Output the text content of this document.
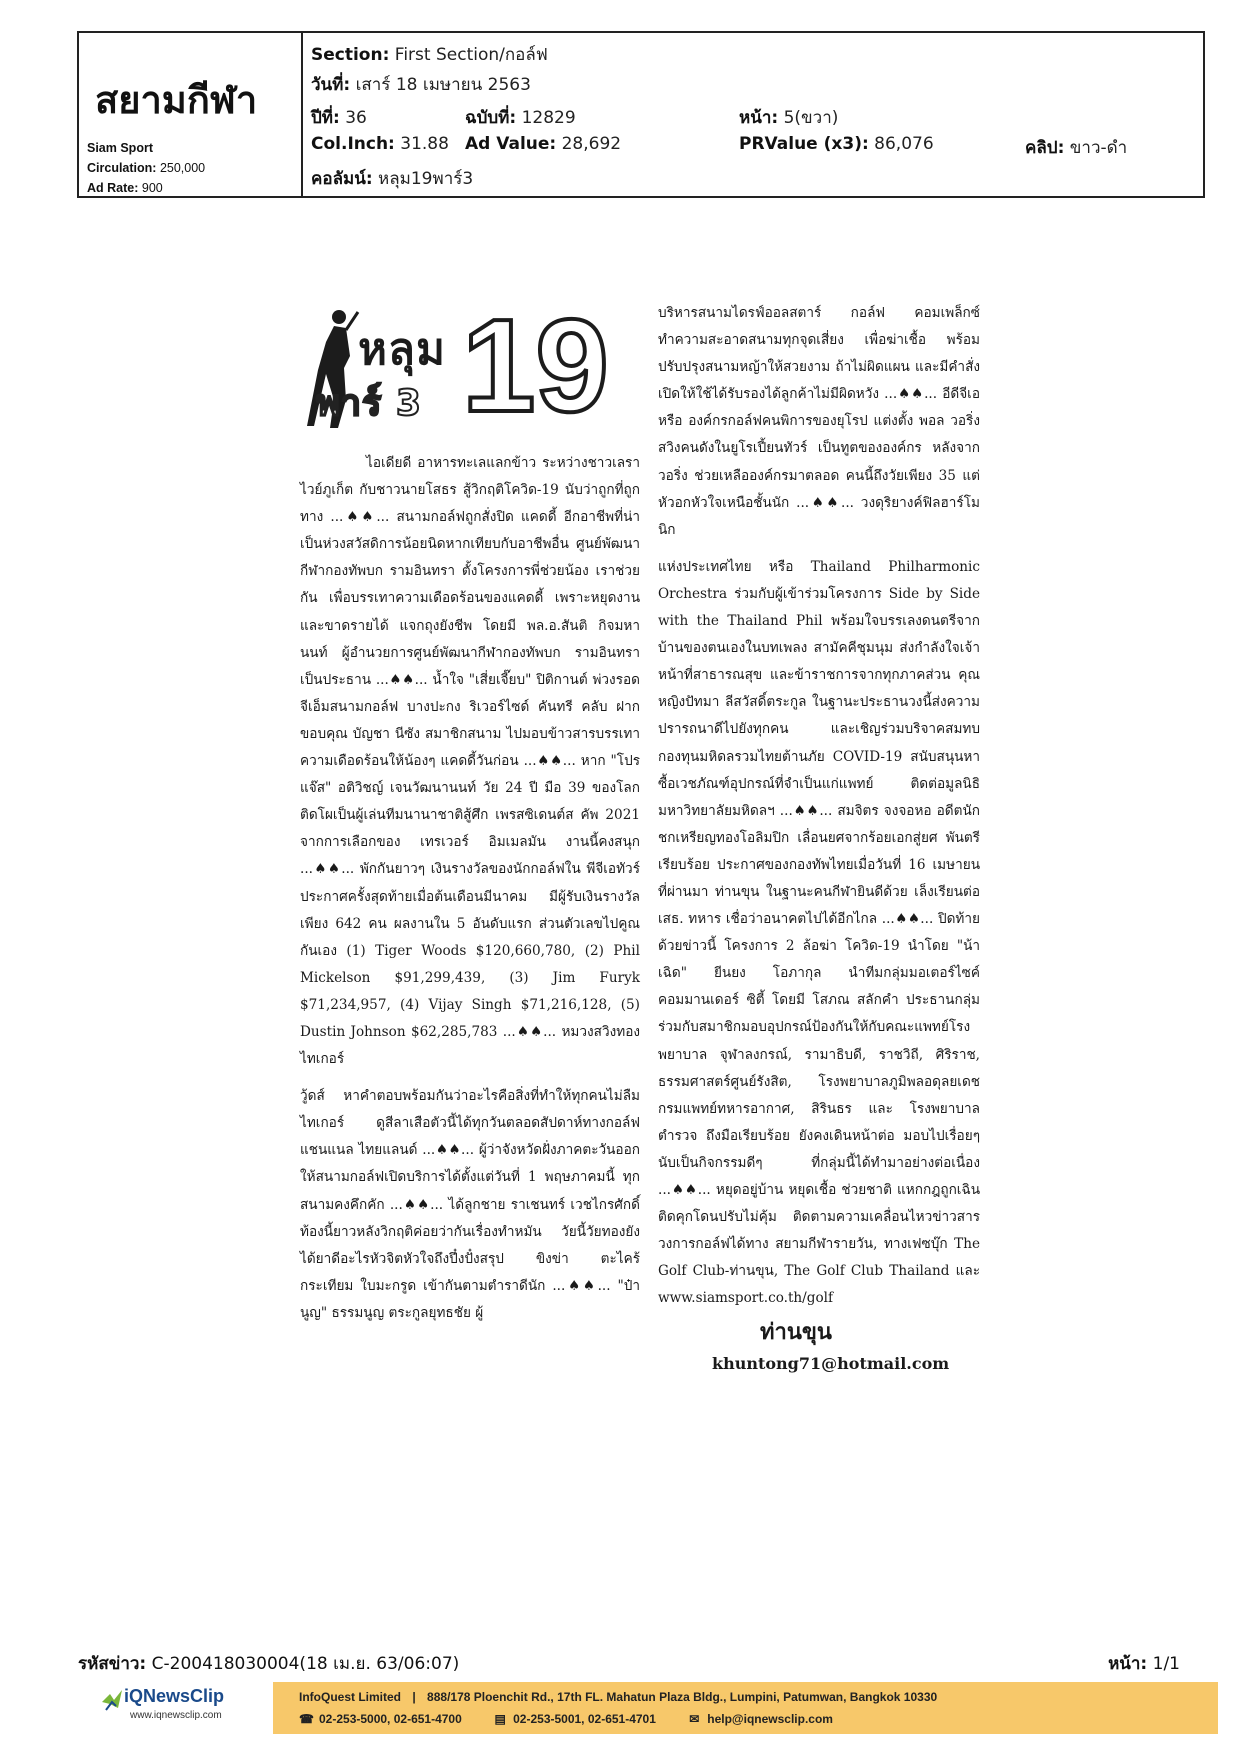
สยามกีฬา
Siam Sport
Circulation: 250,000
Ad Rate: 900
Section: First Section/กอล์ฟ
วันที่: เสาร์ 18 เมษายน 2563
ปีที่: 36	ฉบับที่: 12829	หน้า: 5(ขวา)
Col.Inch: 31.88 Ad Value: 28,692	PRValue (x3): 86,076	คลิป: ขาว-ดำ
คอลัมน์: หลุม19พาร์3
หลุม
พาร์ 3 19

ไอเดียดี อาหารทะเลแลกข้าว ระหว่างชาวเลราไวย์ภูเก็ต กับชาวนายโสธร สู้วิกฤติโควิด-19 นับว่าถูกที่ถูกทาง ...♠♠... สนามกอล์ฟถูกสั่งปิด แคดดี้ อีกอาชีพที่น่าเป็นห่วงสวัสดิการน้อยนิดหากเทียบกับอาชีพอื่น ศูนย์พัฒนากีฬากองทัพบก รามอินทรา ตั้งโครงการพี่ช่วยน้อง เราช่วยกัน เพื่อบรรเทาความเดือดร้อนของแคดดี้ เพราะหยุดงานและขาดรายได้ แจกถุงยังชีพ โดยมี พล.อ.สันติ กิจมหานนท์ ผู้อำนวยการศูนย์พัฒนากีฬากองทัพบก รามอินทรา เป็นประธาน ...♠♠... น้ำใจ "เสี่ยเจี๊ยบ" ปิติกานต์ พ่วงรอด จีเอ็มสนามกอล์ฟ บางปะกง ริเวอร์ไซด์ คันทรี คลับ ฝากขอบคุณ บัญชา นีซัง สมาชิกสนาม ไปมอบข้าวสารบรรเทาความเดือดร้อนให้น้องๆ แคดดี้วันก่อน ...♠♠... หาก "โปรแจ๊ส" อติวิชญ์ เจนวัฒนานนท์ วัย 24 ปี มือ 39 ของโลก ติดโผเป็นผู้เล่นทีมนานาชาติสู้ศึก เพรสซิเดนต์ส คัพ 2021 จากการเลือกของ เทรเวอร์ อิมเมลมัน งานนี้คงสนุก ...♠♠... พักกันยาวๆ เงินรางวัลของนักกอล์ฟใน พีจีเอทัวร์ ประกาศครั้งสุดท้ายเมื่อต้นเดือนมีนาคม มีผู้รับเงินรางวัลเพียง 642 คน ผลงานใน 5 อันดับแรก ส่วนตัวเลขไปคูณกันเอง (1) Tiger Woods $120,660,780, (2) Phil Mickelson $91,299,439, (3) Jim Furyk $71,234,957, (4) Vijay Singh $71,216,128, (5) Dustin Johnson $62,285,783 ...♠♠... หมวงสวิงทอง ไทเกอร์

วู้ดส์ หาคำตอบพร้อมกันว่าอะไรคือสิ่งที่ทำให้ทุกคนไม่ลืมไทเกอร์ ดูสีลาเสือตัวนี้ได้ทุกวันตลอดสัปดาห์ทางกอล์ฟแชนแนล ไทยแลนด์ ...♠♠... ผู้ว่าจังหวัดฝั่งภาคตะวันออก ให้สนามกอล์ฟเปิดบริการได้ตั้งแต่วันที่ 1 พฤษภาคมนี้ ทุกสนามคงคึกคัก ...♠♠... ได้ลูกชาย ราเชนทร์ เวชไกรศักดิ์ ท้องนี้ยาวหลังวิกฤติค่อยว่ากันเรื่องทำหมัน วัยนี้วัยทองยังได้ยาดีอะไรหัวจิตหัวใจถึงปึ๋งปั๋งสรุป ขิงข่า ตะไคร้ กระเทียม ใบมะกรูด เข้ากันตามตำราดีนัก ...♠♠... "ป๋านูญ" ธรรมนูญ ตระกูลยุทธชัย ผู้

บริหารสนามไดรฟ์ออลสตาร์ กอล์ฟ คอมเพล็กซ์ ทำความสะอาดสนามทุกจุดเสี่ยง เพื่อฆ่าเชื้อ พร้อมปรับปรุงสนามหญ้าให้สวยงาม ถ้าไม่ผิดแผน และมีคำสั่งเปิดให้ใช้ได้รับรองได้ลูกค้าไม่มีผิดหวัง ...♠♠... อีดีจีเอ หรือ องค์กรกอล์ฟคนพิการของยุโรป แต่งตั้ง พอล วอริ่ง สวิงคนดังในยูโรเปี้ยนทัวร์ เป็นทูตขององค์กร หลังจาก วอริ่ง ช่วยเหลือองค์กรมาตลอด คนนี้ถึงวัยเพียง 35 แต่หัวอกหัวใจเหนือชั้นนัก ...♠♠... วงดุริยางค์ฟิลฮาร์โมนิก

แห่งประเทศไทย หรือ Thailand Philharmonic Orchestra ร่วมกับผู้เข้าร่วมโครงการ Side by Side with the Thailand Phil พร้อมใจบรรเลงดนตรีจากบ้านของตนเองในบทเพลง สามัคคีชุมนุม ส่งกำลังใจเจ้าหน้าที่สาธารณสุข และข้าราชการจากทุกภาคส่วน คุณหญิงปัทมา ลีสวัสดิ์ตระกูล ในฐานะประธานวงนี้ส่งความปรารถนาดีไปยังทุกคน และเชิญร่วมบริจาคสมทบกองทุนมหิดลรวมไทยต้านภัย COVID-19 สนับสนุนหาซื้อเวชภัณฑ์อุปกรณ์ที่จำเป็นแก่แพทย์ ติดต่อมูลนิธิมหาวิทยาลัยมหิดลฯ ...♠♠... สมจิตร จงจอหอ อดีตนักชกเหรียญทองโอลิมปิก เลื่อนยศจากร้อยเอกสู่ยศ พันตรี เรียบร้อย ประกาศของกองทัพไทยเมื่อวันที่ 16 เมษายนที่ผ่านมา ท่านขุน ในฐานะคนกีฬายินดีด้วย เล็งเรียนต่อ เสธ. ทหาร เชื่อว่าอนาคตไปได้อีกไกล ...♠♠... ปิดท้ายด้วยข่าวนี้ โครงการ 2 ล้อฆ่า โควิด-19 นำโดย "น้าเฉิด" ยีนยง โอภากุล นำทีมกลุ่มมอเตอร์ไซค์ คอมมานเดอร์ ซิตี้ โดยมี โสภณ สลักคำ ประธานกลุ่ม ร่วมกับสมาชิกมอบอุปกรณ์ป้องกันให้กับคณะแพทย์โรงพยาบาล จุฬาลงกรณ์, รามาธิบดี, ราชวิถี, ศิริราช, ธรรมศาสตร์ศูนย์รังสิต, โรงพยาบาลภูมิพลอดุลยเดช กรมแพทย์ทหารอากาศ, สิรินธร และ โรงพยาบาลตำรวจ ถึงมือเรียบร้อย ยังคงเดินหน้าต่อ มอบไปเรื่อยๆ นับเป็นกิจกรรมดีๆ ที่กลุ่มนี้ได้ทำมาอย่างต่อเนื่อง ...♠♠... หยุดอยู่บ้าน หยุดเชื้อ ช่วยชาติ แหกกฎถูกเฉินติดคุกโดนปรับไม่คุ้ม ติดตามความเคลื่อนไหวข่าวสารวงการกอล์ฟได้ทาง สยามกีฬารายวัน, ทางเฟซบุ๊ก The Golf Club-ท่านขุน, The Golf Club Thailand และ www.siamsport.co.th/golf

ท่านขุน
khuntong71@hotmail.com
รหัสข่าว: C-200418030004(18 เม.ย. 63/06:07)	หน้า: 1/1
iQNewsClip
www.iqnewsclip.com
InfoQuest Limited | 888/178 Ploenchit Rd., 17th FL. Mahatun Plaza Bldg., Lumpini, Patumwan, Bangkok 10330
☎ 02-253-5000, 02-651-4700	▤ 02-253-5001, 02-651-4701	✉ help@iqnewsclip.com
